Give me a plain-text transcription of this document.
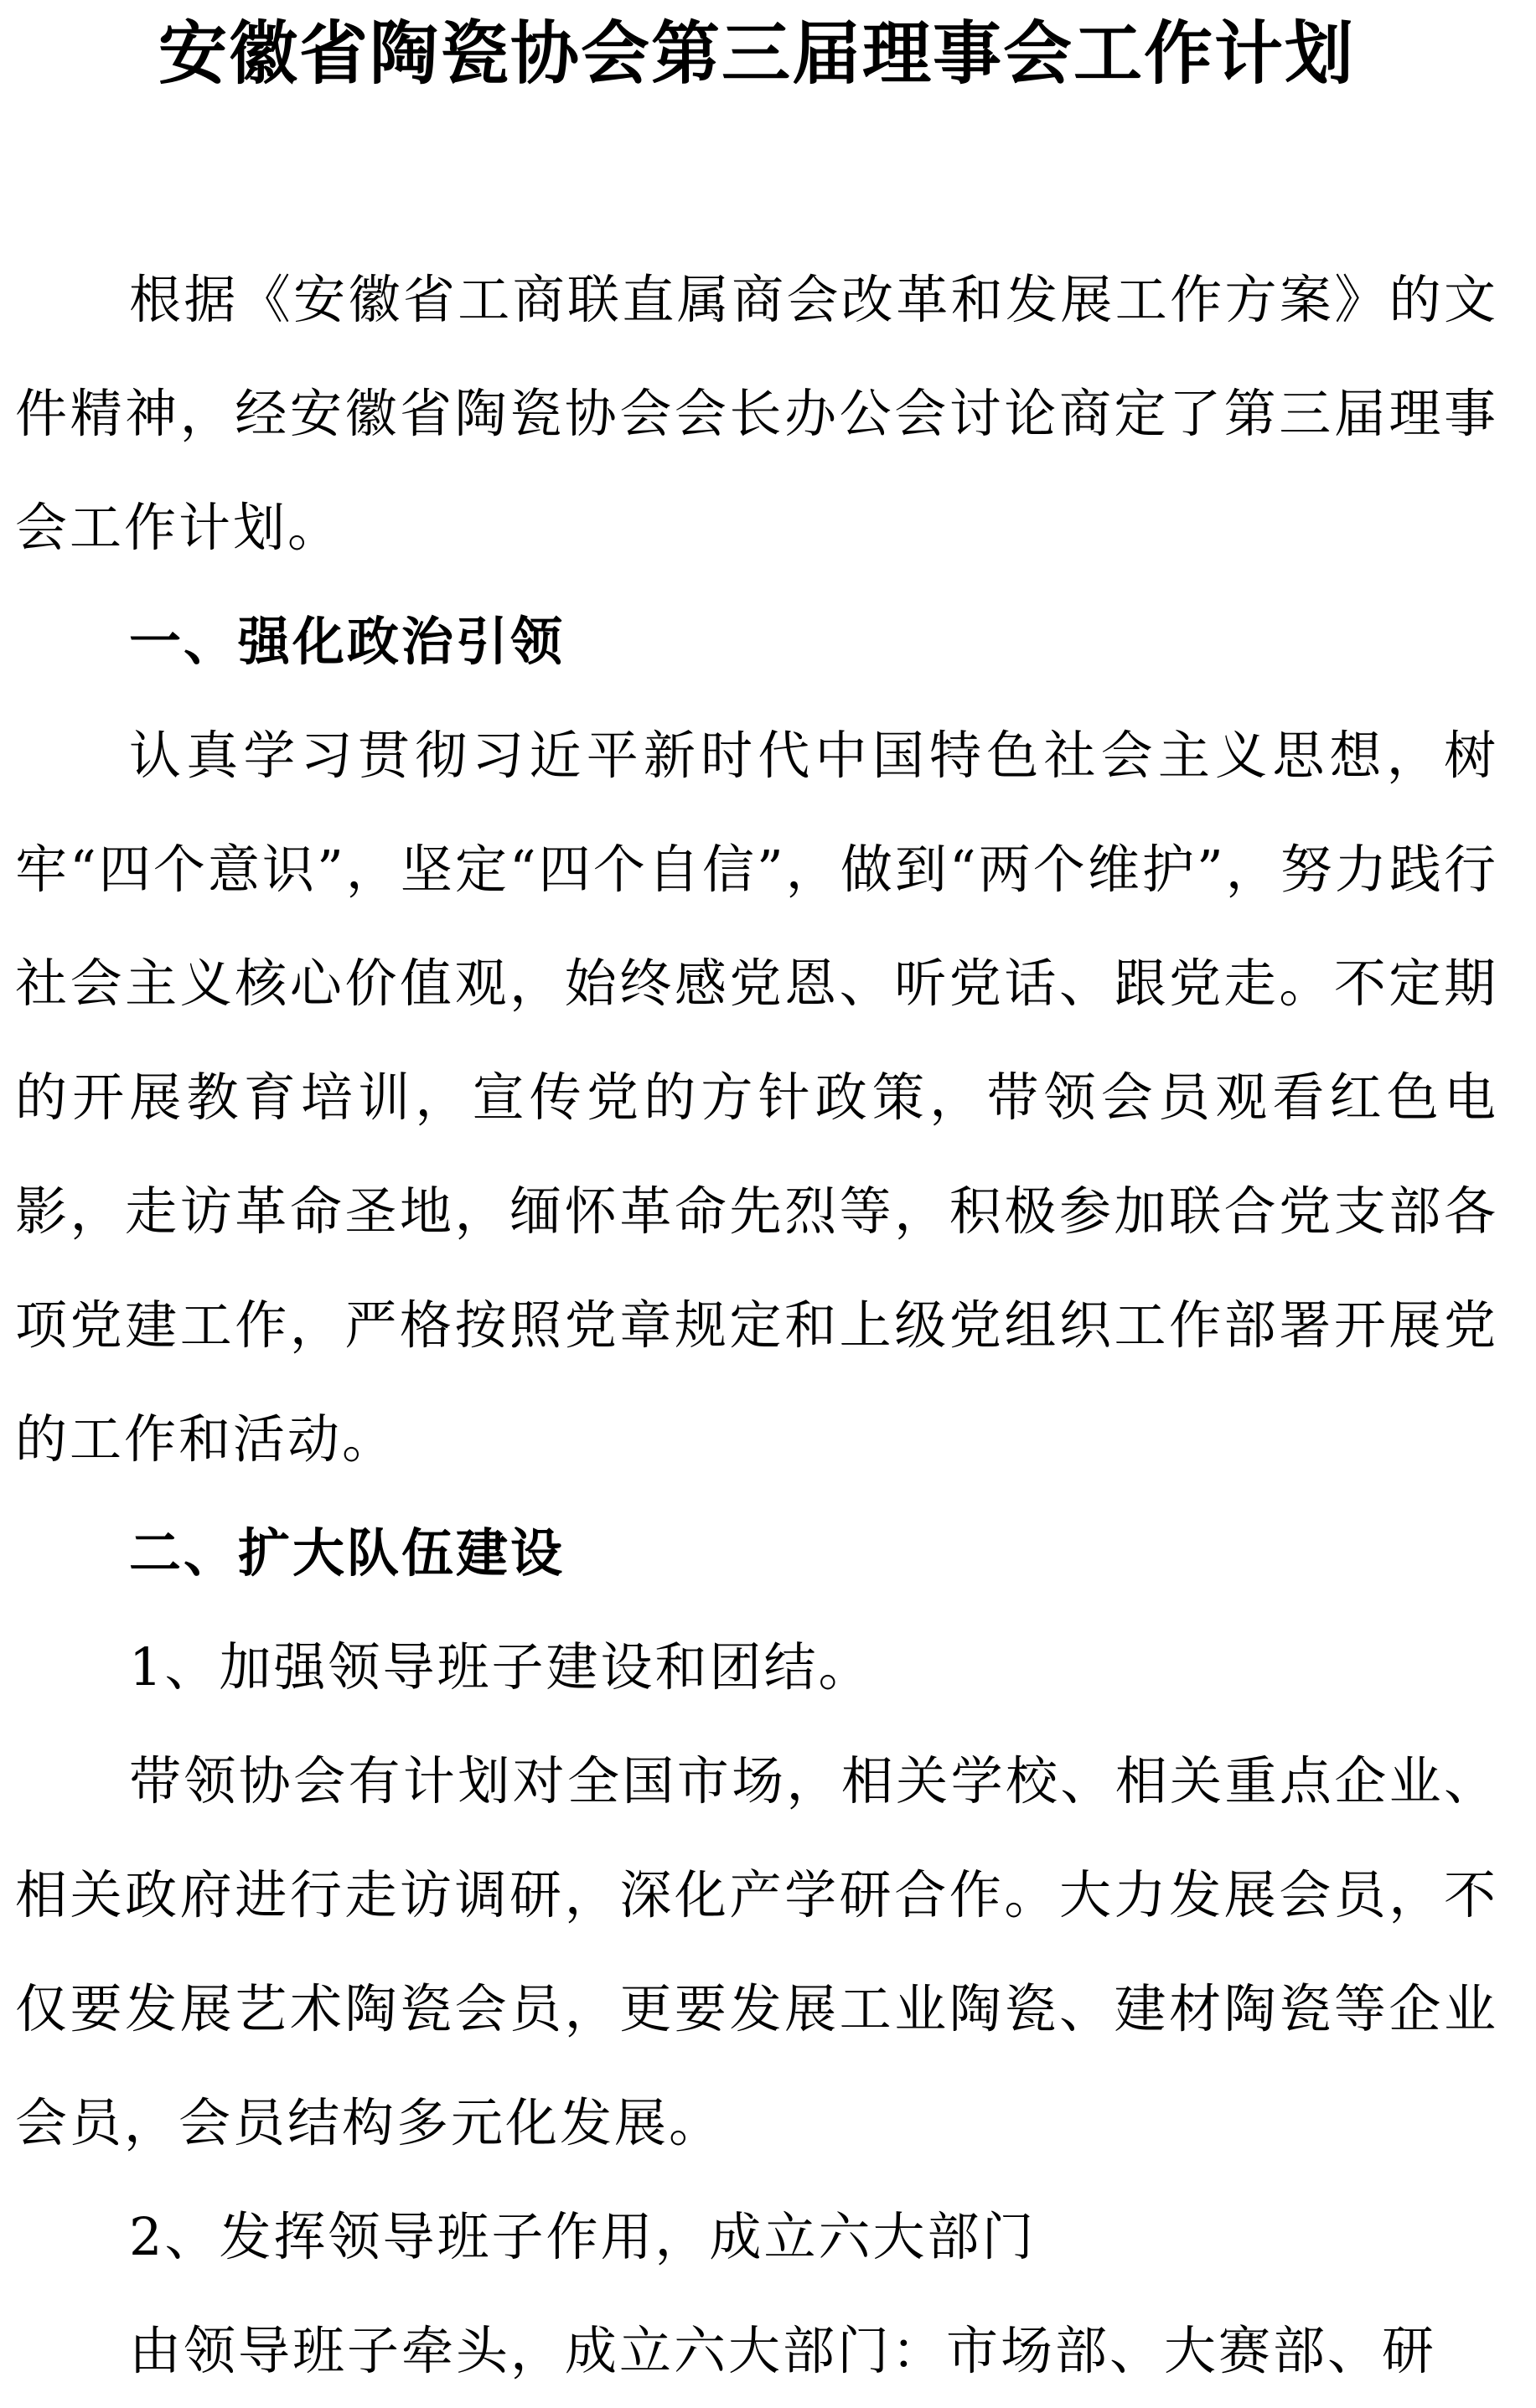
安徽省陶瓷协会第三届理事会工作计划

根据《安徽省工商联直属商会改革和发展工作方案》的文件精神，经安徽省陶瓷协会会长办公会讨论商定了第三届理事会工作计划。

一、强化政治引领

认真学习贯彻习近平新时代中国特色社会主义思想，树牢“四个意识”，坚定“四个自信”，做到“两个维护”，努力践行社会主义核心价值观，始终感党恩、听党话、跟党走。不定期的开展教育培训，宣传党的方针政策，带领会员观看红色电影，走访革命圣地，缅怀革命先烈等，积极参加联合党支部各项党建工作，严格按照党章规定和上级党组织工作部署开展党的工作和活动。

二、扩大队伍建设

1、加强领导班子建设和团结。

带领协会有计划对全国市场，相关学校、相关重点企业、相关政府进行走访调研，深化产学研合作。大力发展会员，不仅要发展艺术陶瓷会员，更要发展工业陶瓷、建材陶瓷等企业会员，会员结构多元化发展。

2、发挥领导班子作用，成立六大部门

由领导班子牵头，成立六大部门：市场部、大赛部、研
